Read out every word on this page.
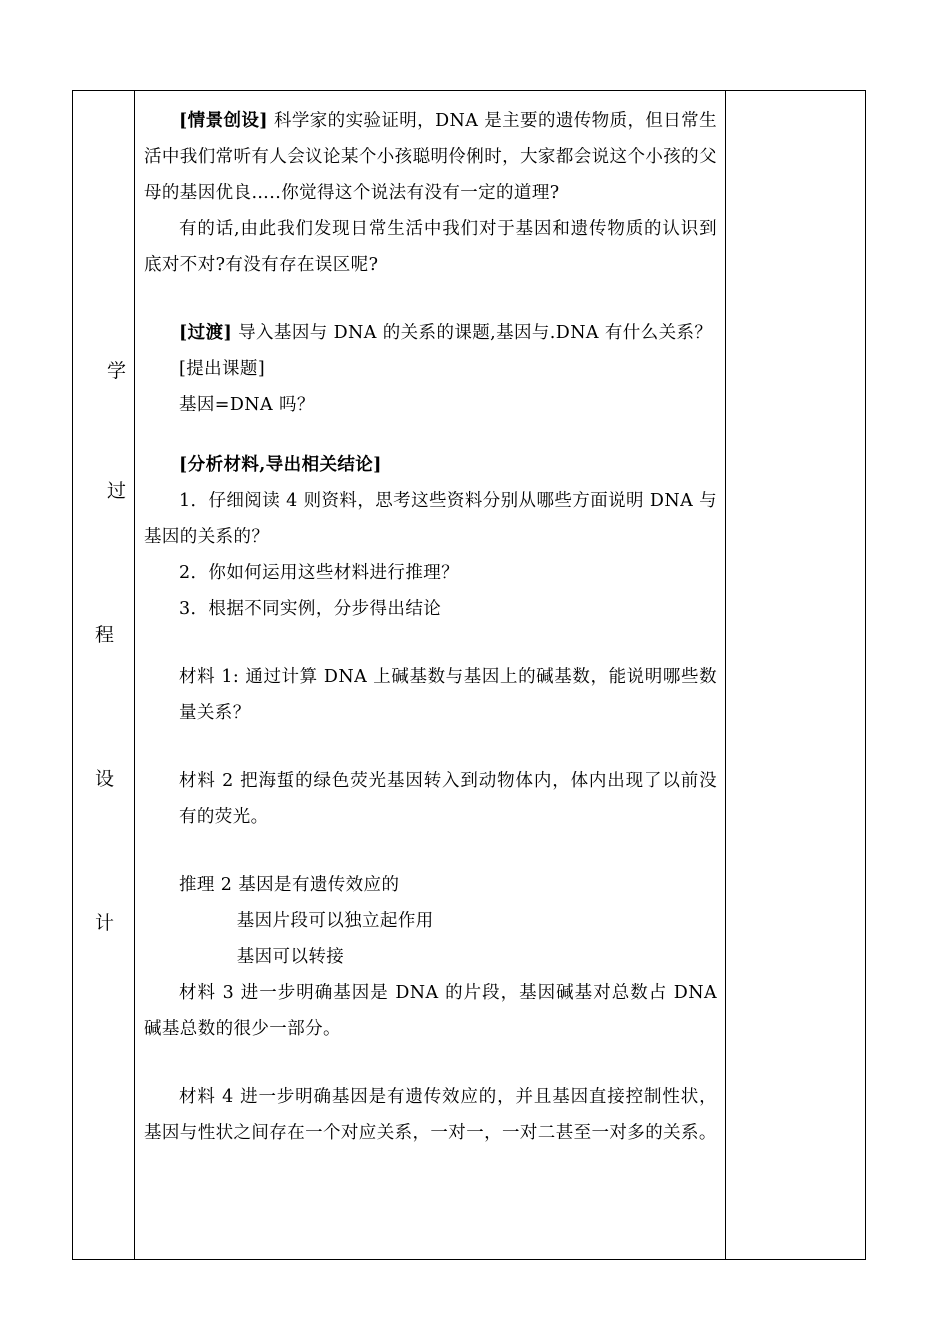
学
过
程
设
计

[情景创设] 科学家的实验证明，DNA 是主要的遗传物质，但日常生活中我们常听有人会议论某个小孩聪明伶俐时，大家都会说这个小孩的父母的基因优良…..你觉得这个说法有没有一定的道理?

有的话,由此我们发现日常生活中我们对于基因和遗传物质的认识到底对不对?有没有存在误区呢?

[过渡] 导入基因与 DNA 的关系的课题,基因与.DNA 有什么关系？

[提出课题]

基因=DNA 吗？

[分析材料,导出相关结论]

1．仔细阅读 4 则资料，思考这些资料分别从哪些方面说明 DNA 与基因的关系的？

2．你如何运用这些材料进行推理？

3．根据不同实例，分步得出结论

材料 1: 通过计算 DNA 上碱基数与基因上的碱基数，能说明哪些数量关系？

材料 2 把海蜇的绿色荧光基因转入到动物体内，体内出现了以前没有的荧光。

推理 2 基因是有遗传效应的

基因片段可以独立起作用

基因可以转接

材料 3 进一步明确基因是 DNA 的片段，基因碱基对总数占 DNA 碱基总数的很少一部分。

材料 4 进一步明确基因是有遗传效应的，并且基因直接控制性状，基因与性状之间存在一个对应关系，一对一，一对二甚至一对多的关系。
